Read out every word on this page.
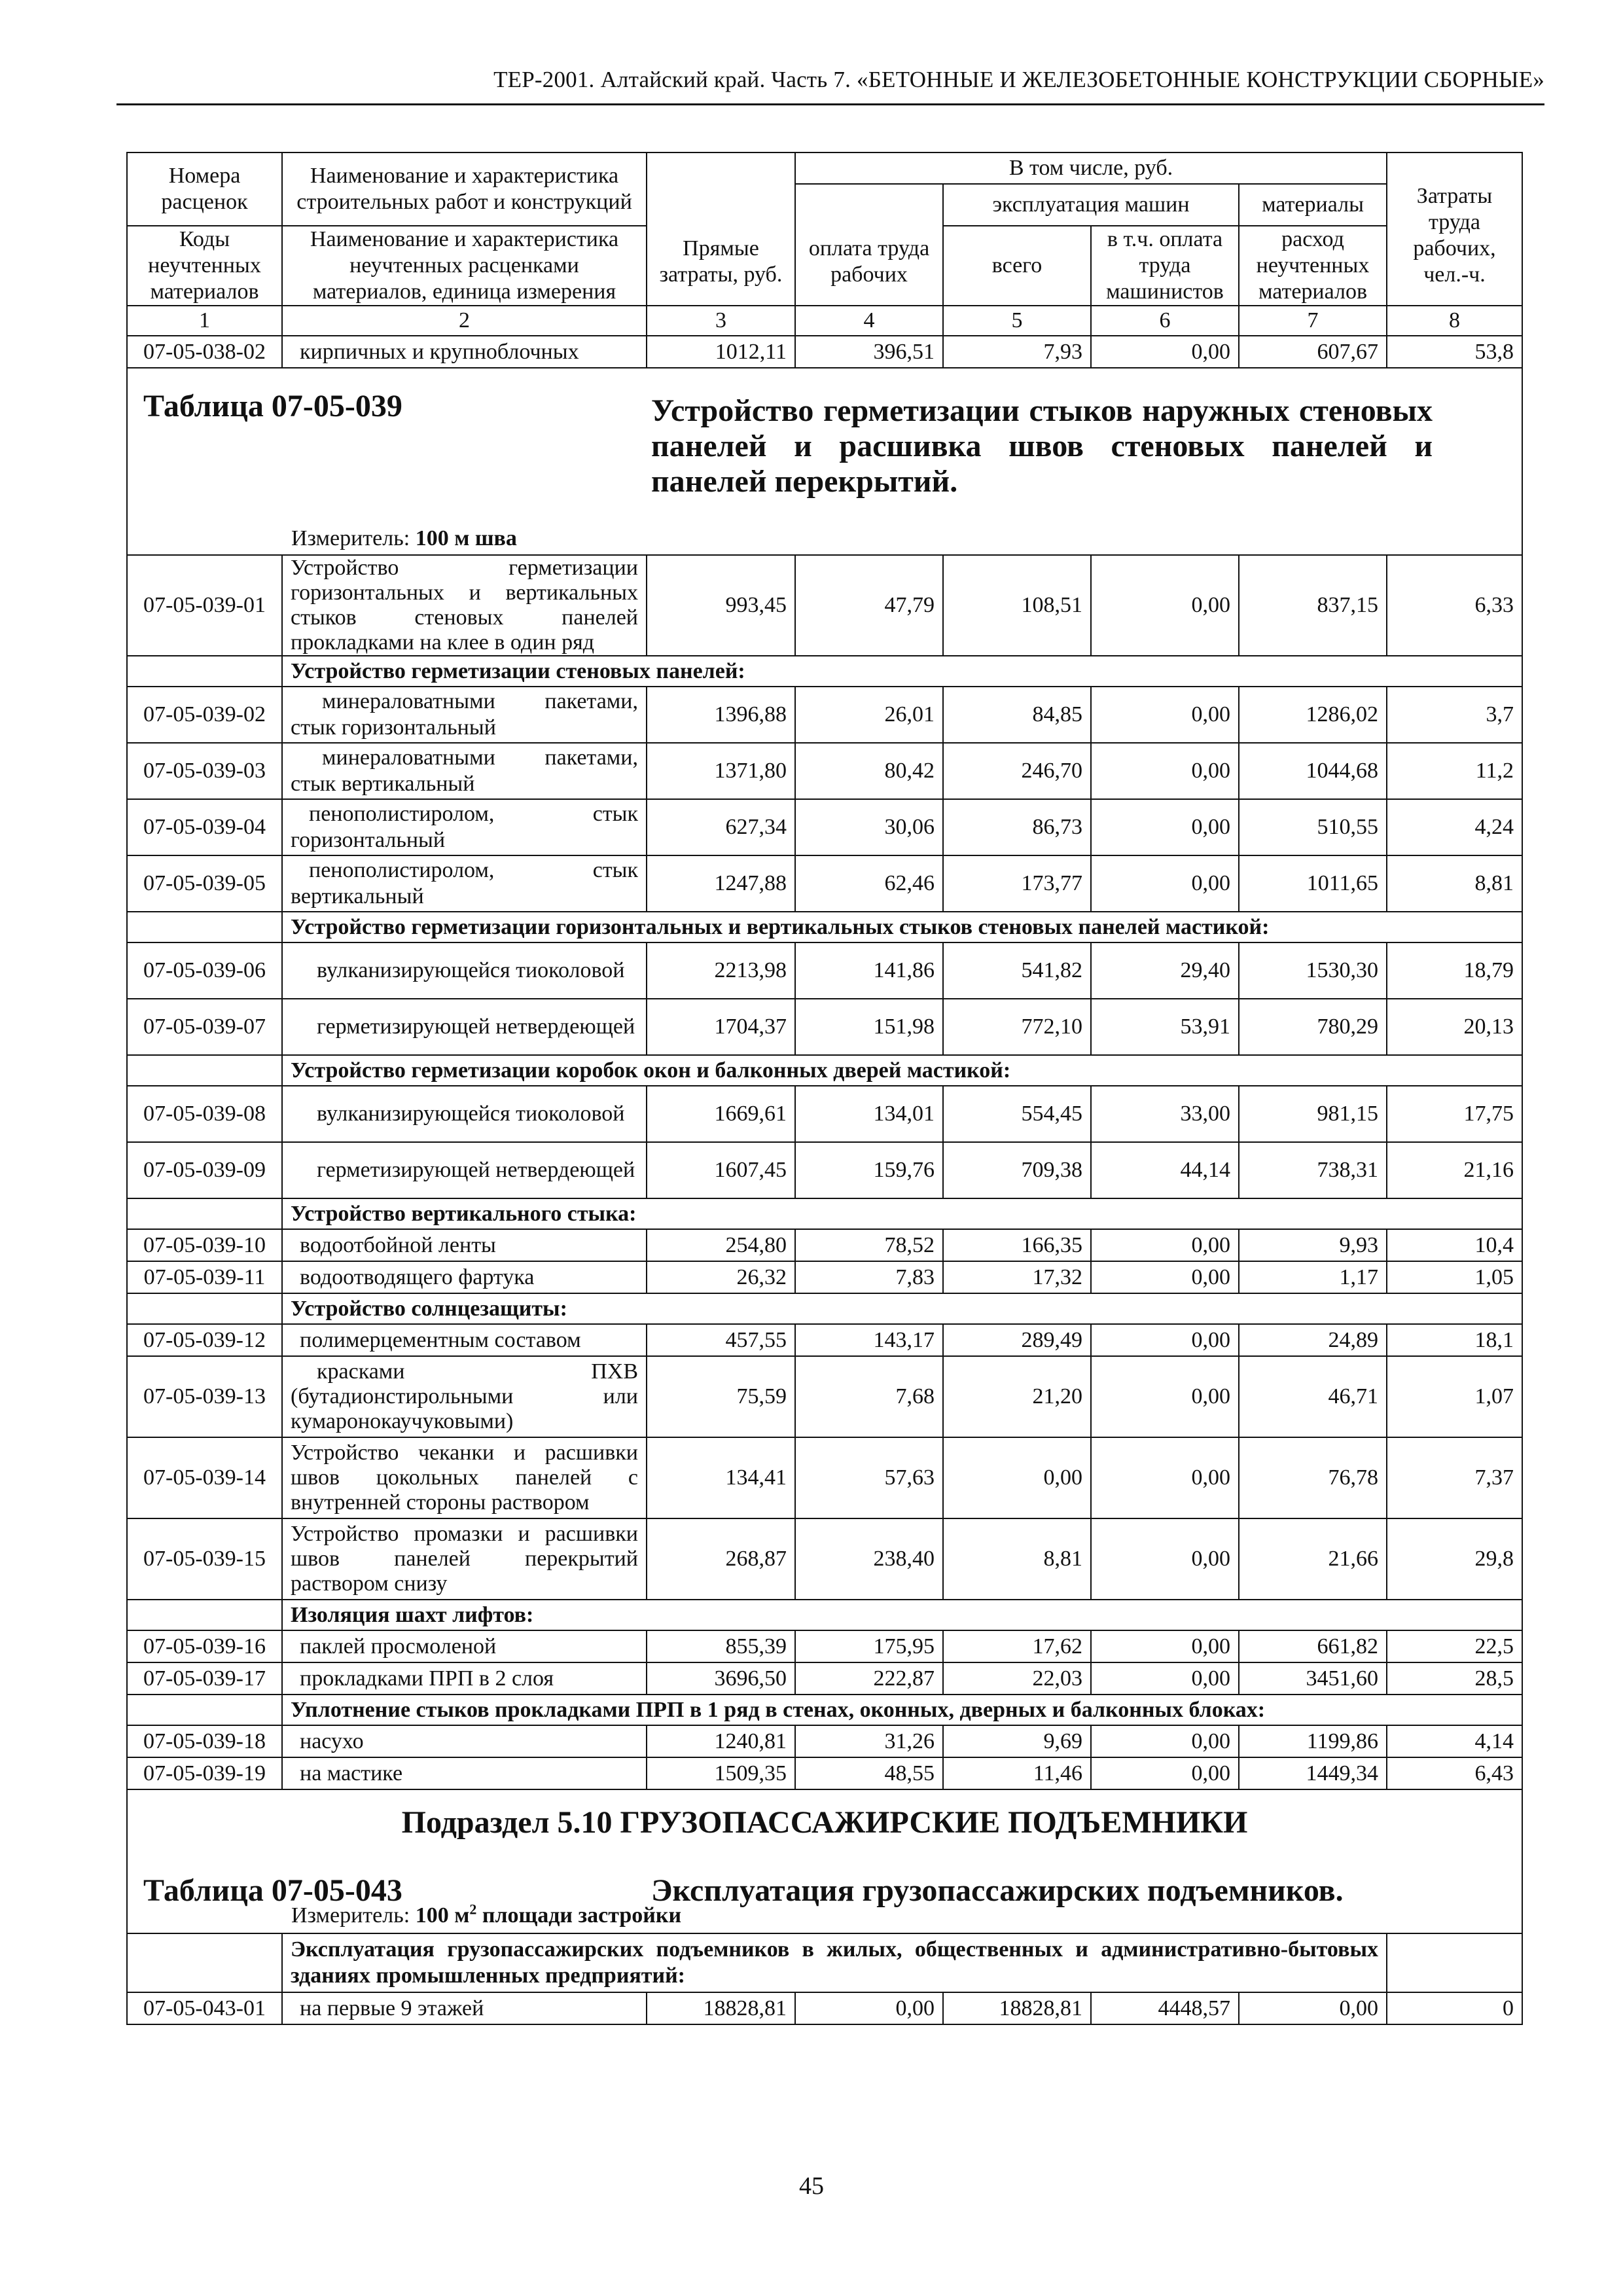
ТЕР-2001. Алтайский край. Часть 7. «БЕТОННЫЕ И ЖЕЛЕЗОБЕТОННЫЕ КОНСТРУКЦИИ СБОРНЫЕ»
Номера расценок	Наименование и характеристика строительных работ и конструкций	Прямые затраты, руб.	В том числе, руб.				Затраты труда рабочих, чел.-ч.
			оплата труда рабочих	эксплуатация машин		материалы	
				всего	в т.ч. оплата труда машинистов	расход неучтенных материалов	
Коды неучтенных материалов	Наименование и характеристика неучтенных расценками материалов, единица измерения						
1	2	3	4	5	6	7	8
07-05-038-02	кирпичных и крупноблочных	1012,11	396,51	7,93	0,00	607,67	53,8

Таблица 07-05-039 Устройство герметизации стыков наружных стеновых панелей и расшивка швов стеновых панелей и панелей перекрытий.
Измеритель: 100 м шва							

07-05-039-01	Устройство герметизации горизонтальных и вертикальных стыков стеновых панелей прокладками на клее в один ряд	993,45	47,79	108,51	0,00	837,15	6,33
	Устройство герметизации стеновых панелей:						
07-05-039-02	минераловатными пакетами, стык горизонтальный	1396,88	26,01	84,85	0,00	1286,02	3,7
07-05-039-03	минераловатными пакетами, стык вертикальный	1371,80	80,42	246,70	0,00	1044,68	11,2
07-05-039-04	пенополистиролом, стык горизонтальный	627,34	30,06	86,73	0,00	510,55	4,24
07-05-039-05	пенополистиролом, стык вертикальный	1247,88	62,46	173,77	0,00	1011,65	8,81
	Устройство герметизации горизонтальных и вертикальных стыков стеновых панелей мастикой:						
07-05-039-06	вулканизирующейся тиоколовой	2213,98	141,86	541,82	29,40	1530,30	18,79
07-05-039-07	герметизирующей нетвердеющей	1704,37	151,98	772,10	53,91	780,29	20,13
	Устройство герметизации коробок окон и балконных дверей мастикой:						
07-05-039-08	вулканизирующейся тиоколовой	1669,61	134,01	554,45	33,00	981,15	17,75
07-05-039-09	герметизирующей нетвердеющей	1607,45	159,76	709,38	44,14	738,31	21,16
	Устройство вертикального стыка:						
07-05-039-10	водоотбойной ленты	254,80	78,52	166,35	0,00	9,93	10,4
07-05-039-11	водоотводящего фартука	26,32	7,83	17,32	0,00	1,17	1,05
	Устройство солнцезащиты:						
07-05-039-12	полимерцементным составом	457,55	143,17	289,49	0,00	24,89	18,1
07-05-039-13	красками ПХВ (бутадионстирольными или кумаронокаучуковыми)	75,59	7,68	21,20	0,00	46,71	1,07
07-05-039-14	Устройство чеканки и расшивки швов цокольных панелей с внутренней стороны раствором	134,41	57,63	0,00	0,00	76,78	7,37
07-05-039-15	Устройство промазки и расшивки швов панелей перекрытий раствором снизу	268,87	238,40	8,81	0,00	21,66	29,8
	Изоляция шахт лифтов:						
07-05-039-16	паклей просмоленой	855,39	175,95	17,62	0,00	661,82	22,5
07-05-039-17	прокладками ПРП в 2 слоя	3696,50	222,87	22,03	0,00	3451,60	28,5
	Уплотнение стыков прокладками ПРП в 1 ряд в стенах, оконных, дверных и балконных блоках:						
07-05-039-18	насухо	1240,81	31,26	9,69	0,00	1199,86	4,14
07-05-039-19	на мастике	1509,35	48,55	11,46	0,00	1449,34	6,43

Подраздел 5.10 ГРУЗОПАССАЖИРСКИЕ ПОДЪЕМНИКИ
Таблица 07-05-043 Эксплуатация грузопассажирских подъемников.
Измеритель: 100 $м^2$ площади застройки							

	Эксплуатация грузопассажирских подъемников в жилых, общественных и административно-бытовых зданиях промышленных предприятий:						
07-05-043-01	на первые 9 этажей	18828,81	0,00	18828,81	4448,57	0,00	0
45
